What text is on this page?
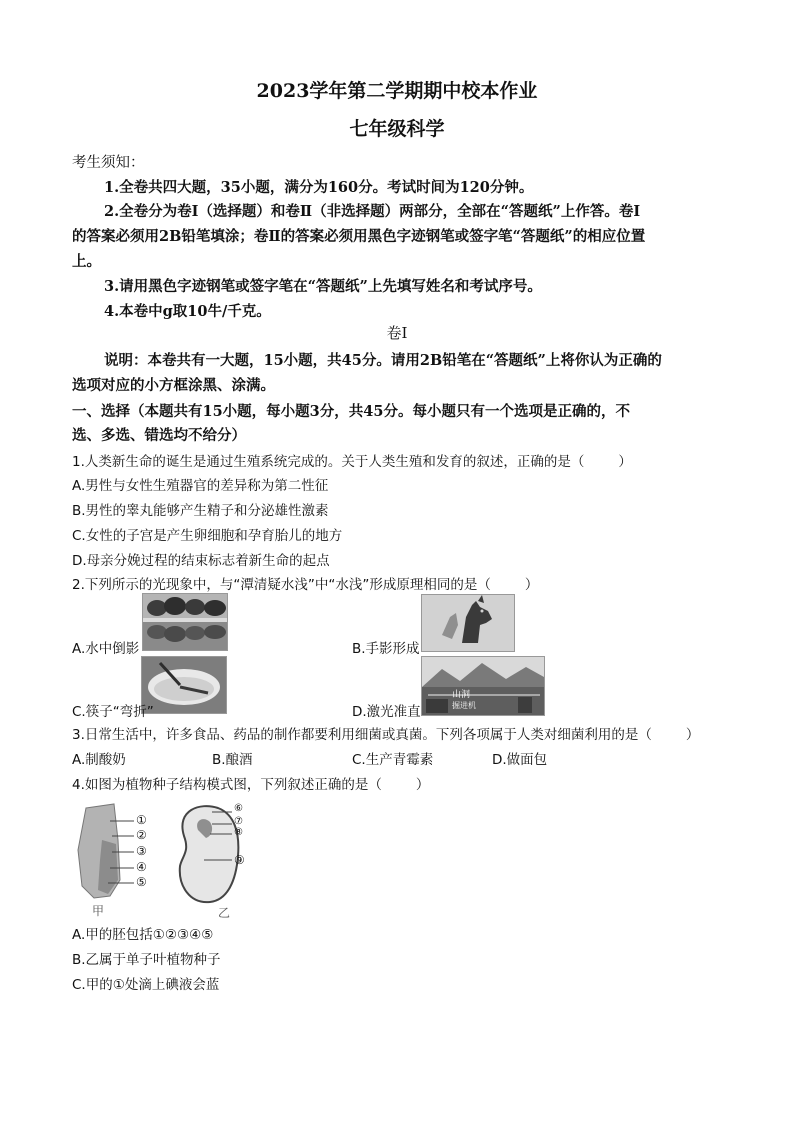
2023学年第二学期期中校本作业
七年级科学
考生须知：
1.全卷共四大题，35小题，满分为160分。考试时间为120分钟。
2.全卷分为卷Ⅰ（选择题）和卷Ⅱ（非选择题）两部分，全部在“答题纸”上作答。卷Ⅰ
的答案必须用2B铅笔填涂；卷Ⅱ的答案必须用黑色字迹钢笔或签字笔“答题纸”的相应位置
上。
3.请用黑色字迹钢笔或签字笔在“答题纸”上先填写姓名和考试序号。
4.本卷中g取10牛/千克。
卷Ⅰ
说明：本卷共有一大题，15小题，共45分。请用2B铅笔在“答题纸”上将你认为正确的
选项对应的小方框涂黑、涂满。
一、选择（本题共有15小题，每小题3分，共45分。每小题只有一个选项是正确的，不
选、多选、错选均不给分）
1.人类新生命的诞生是通过生殖系统完成的。关于人类生殖和发育的叙述，正确的是（	）
A.男性与女性生殖器官的差异称为第二性征
B.男性的睾丸能够产生精子和分泌雄性激素
C.女性的子宫是产生卵细胞和孕育胎儿的地方
D.母亲分娩过程的结束标志着新生命的起点
2.下列所示的光现象中，与“潭清疑水浅”中“水浅”形成原理相同的是（	）
A.水中倒影	B.手影形成
C.筷子“弯折”
山洞
掘进机
D.激光准直
3.日常生活中，许多食品、药品的制作都要利用细菌或真菌。下列各项属于人类对细菌利用的是（	）
A.制酸奶	B.酿酒	C.生产青霉素	D.做面包
4.如图为植物种子结构模式图，下列叙述正确的是（	）
①
②
③
④
⑤
⑥
⑦
⑧
⑨
甲	乙
A.甲的胚包括①②③④⑤
B.乙属于单子叶植物种子
C.甲的①处滴上碘液会蓝
